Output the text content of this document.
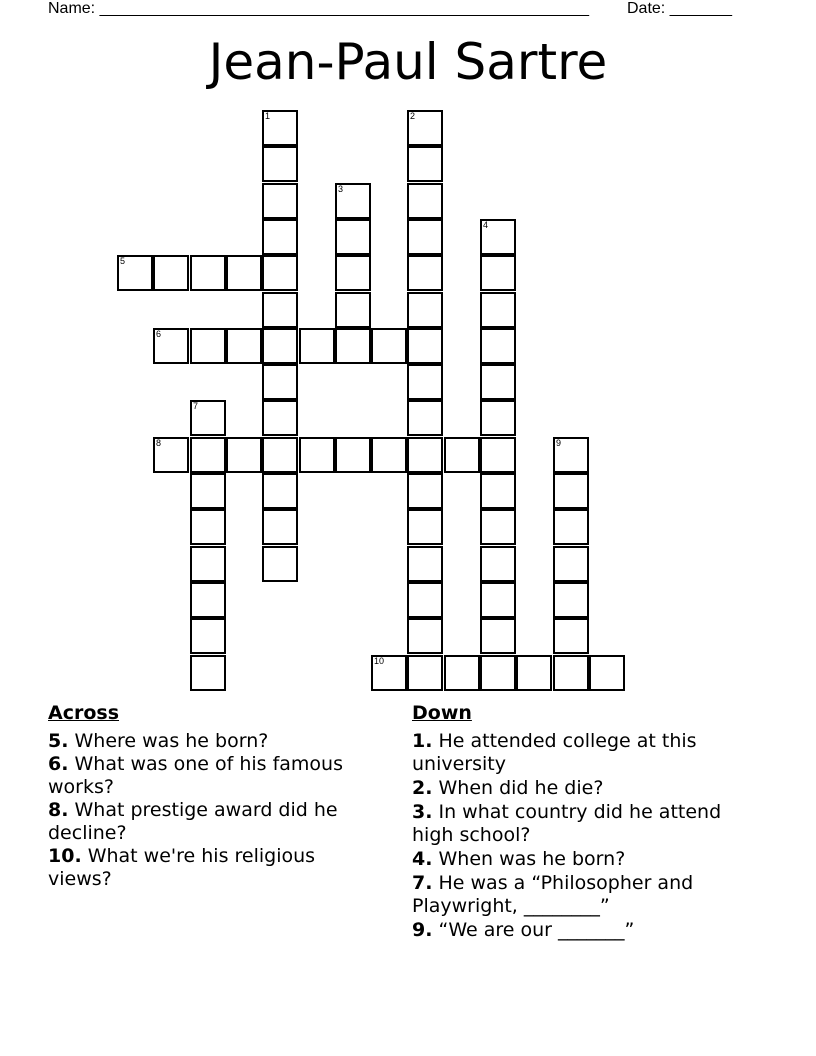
Name: _______________________________________________________ Date: _______
Jean-Paul Sartre
1	2
3
4
5
6
7
8	9
10
Across
5. Where was he born?
6. What was one of his famous works?
8. What prestige award did he decline?
10. What we're his religious views?
Down
1. He attended college at this university
2. When did he die?
3. In what country did he attend high school?
4. When was he born?
7. He was a “Philosopher and Playwright, ________”
9. “We are our _______”
